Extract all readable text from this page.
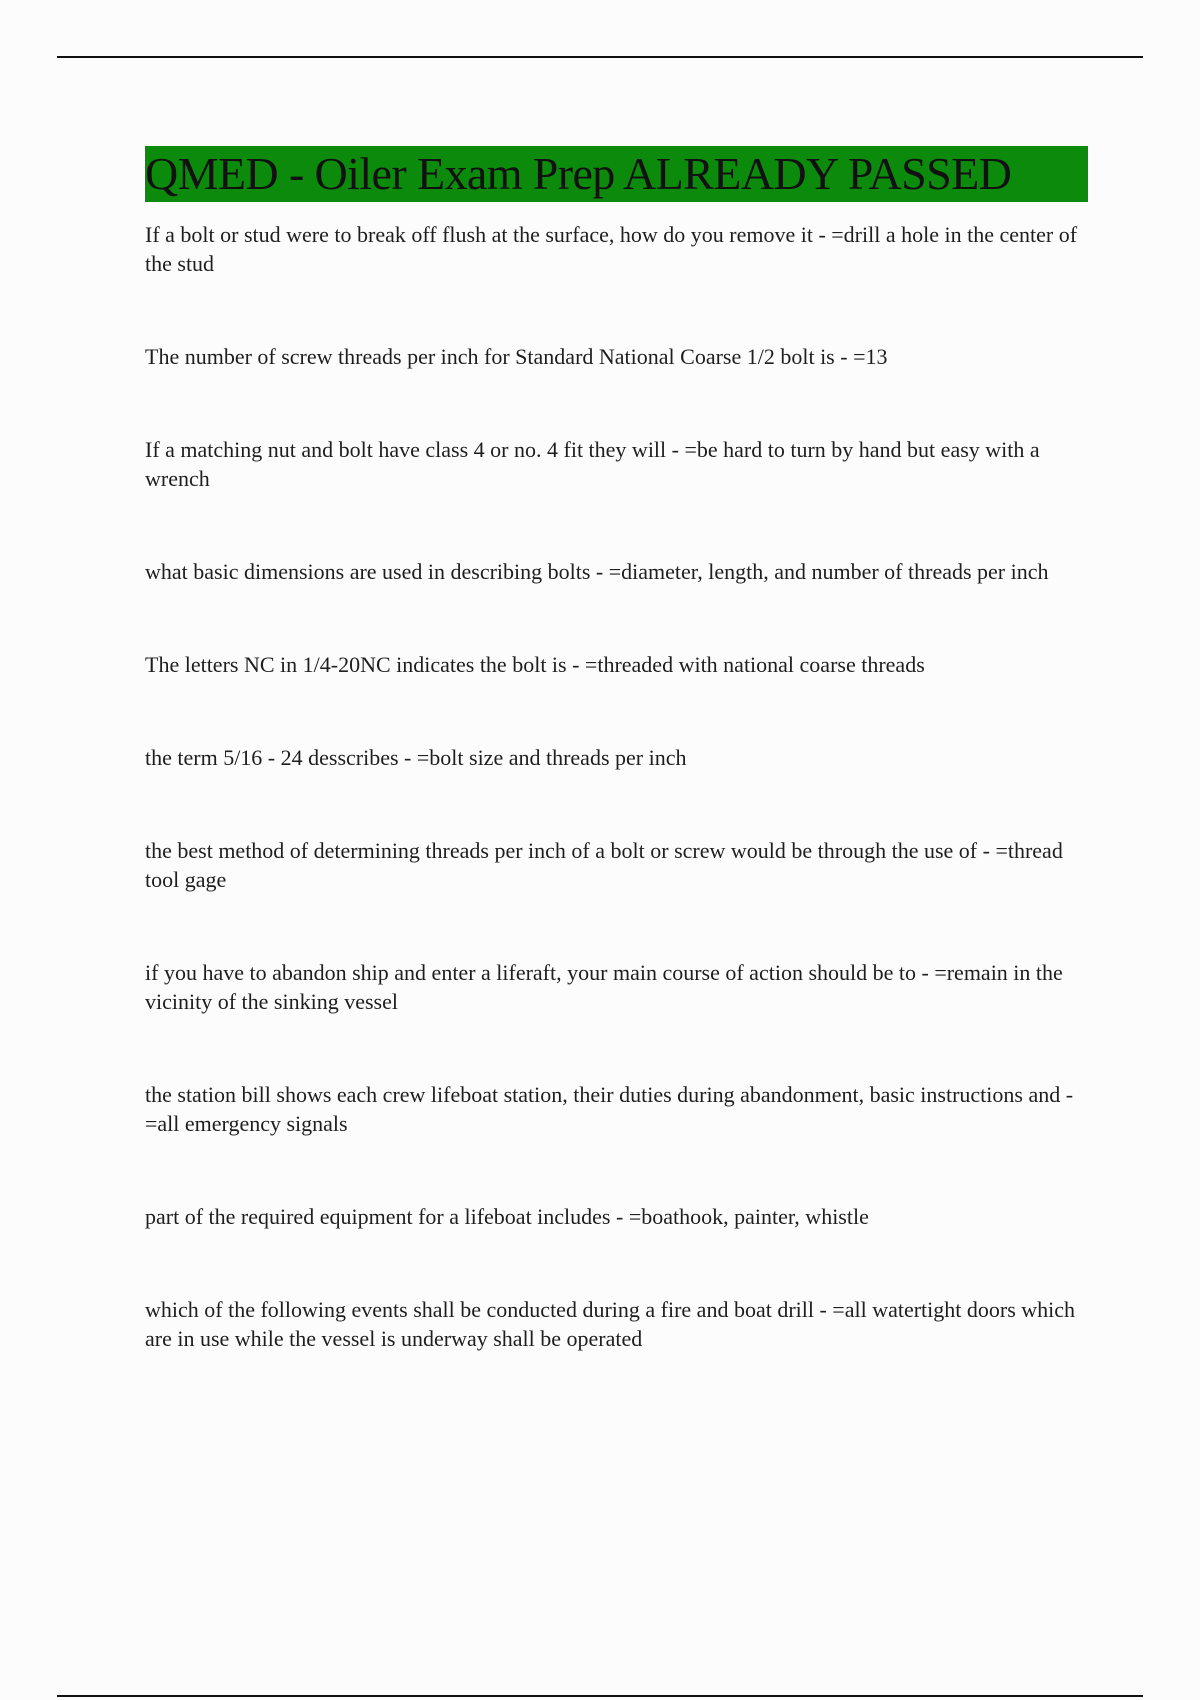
QMED - Oiler Exam Prep ALREADY PASSED
If a bolt or stud were to break off flush at the surface, how do you remove it - =drill a hole in the center of the stud
The number of screw threads per inch for Standard National Coarse 1/2 bolt is - =13
If a matching nut and bolt have class 4 or no. 4 fit they will - =be hard to turn by hand but easy with a wrench
what basic dimensions are used in describing bolts - =diameter, length, and number of threads per inch
The letters NC in 1/4-20NC indicates the bolt is - =threaded with national coarse threads
the term 5/16 - 24 desscribes - =bolt size and threads per inch
the best method of determining threads per inch of a bolt or screw would be through the use of - =thread tool gage
if you have to abandon ship and enter a liferaft, your main course of action should be to - =remain in the vicinity of the sinking vessel
the station bill shows each crew lifeboat station, their duties during abandonment, basic instructions and - =all emergency signals
part of the required equipment for a lifeboat includes - =boathook, painter, whistle
which of the following events shall be conducted during a fire and boat drill - =all watertight doors which are in use while the vessel is underway shall be operated
